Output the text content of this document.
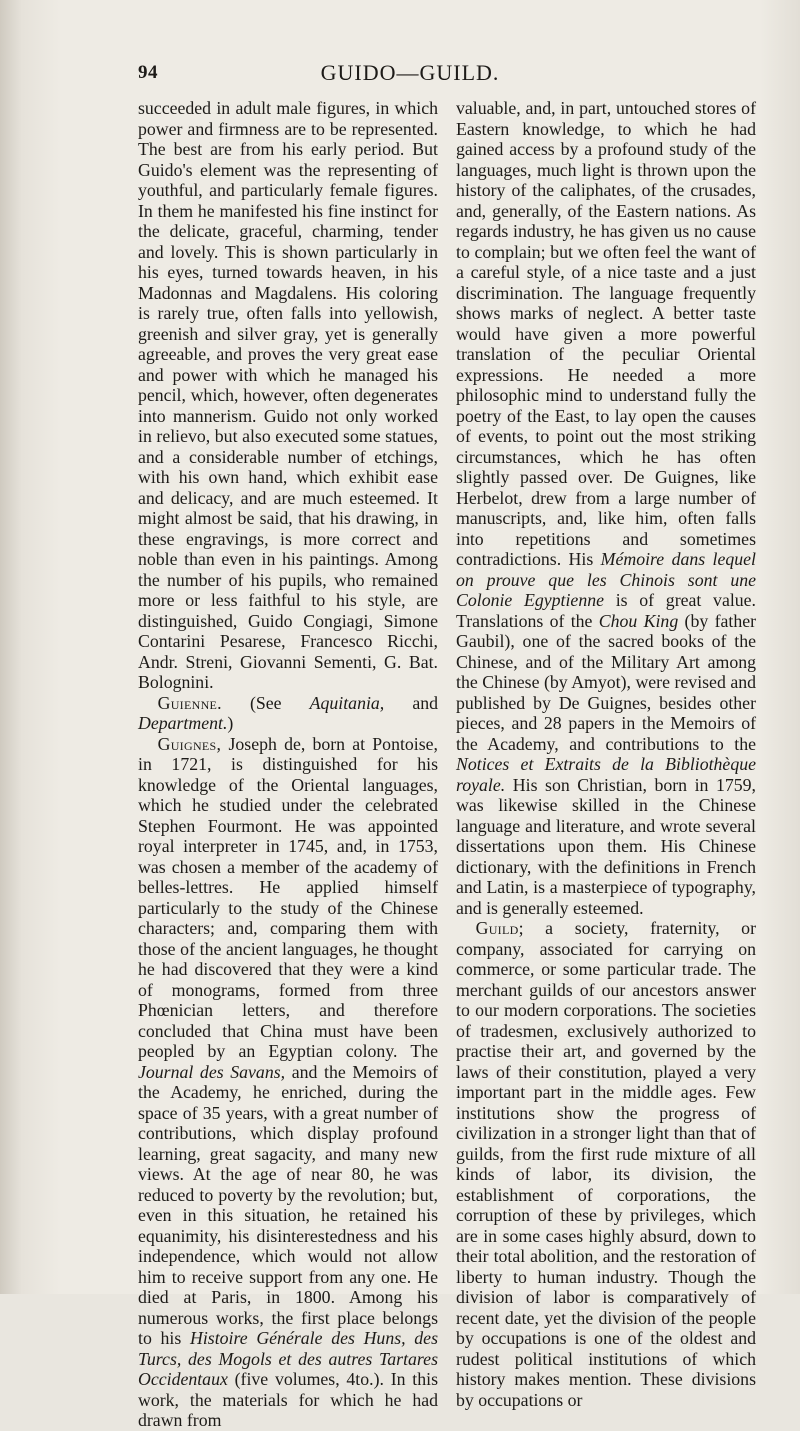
94	GUIDO—GUILD.

succeeded in adult male figures, in which power and firmness are to be represented. The best are from his early period. But Guido's element was the representing of youthful, and particularly female figures. In them he manifested his fine instinct for the delicate, graceful, charming, tender and lovely. This is shown particularly in his eyes, turned towards heaven, in his Madonnas and Magdalens. His coloring is rarely true, often falls into yellowish, greenish and silver gray, yet is generally agreeable, and proves the very great ease and power with which he managed his pencil, which, however, often degenerates into mannerism. Guido not only worked in relievo, but also executed some statues, and a considerable number of etchings, with his own hand, which exhibit ease and delicacy, and are much esteemed. It might almost be said, that his drawing, in these engravings, is more correct and noble than even in his paintings. Among the number of his pupils, who remained more or less faithful to his style, are distinguished, Guido Congiagi, Simone Contarini Pesarese, Francesco Ricchi, Andr. Streni, Giovanni Sementi, G. Bat. Bolognini.

Guienne. (See Aquitania, and Department.)

Guignes, Joseph de, born at Pontoise, in 1721, is distinguished for his knowledge of the Oriental languages, which he studied under the celebrated Stephen Fourmont. He was appointed royal interpreter in 1745, and, in 1753, was chosen a member of the academy of belles-lettres. He applied himself particularly to the study of the Chinese characters; and, comparing them with those of the ancient languages, he thought he had discovered that they were a kind of monograms, formed from three Phœnician letters, and therefore concluded that China must have been peopled by an Egyptian colony. The Journal des Savans, and the Memoirs of the Academy, he enriched, during the space of 35 years, with a great number of contributions, which display profound learning, great sagacity, and many new views. At the age of near 80, he was reduced to poverty by the revolution; but, even in this situation, he retained his equanimity, his disinterestedness and his independence, which would not allow him to receive support from any one. He died at Paris, in 1800. Among his numerous works, the first place belongs to his Histoire Générale des Huns, des Turcs, des Mogols et des autres Tartares Occidentaux (five volumes, 4to.). In this work, the materials for which he had drawn from

valuable, and, in part, untouched stores of Eastern knowledge, to which he had gained access by a profound study of the languages, much light is thrown upon the history of the caliphates, of the crusades, and, generally, of the Eastern nations. As regards industry, he has given us no cause to complain; but we often feel the want of a careful style, of a nice taste and a just discrimination. The language frequently shows marks of neglect. A better taste would have given a more powerful translation of the peculiar Oriental expressions. He needed a more philosophic mind to understand fully the poetry of the East, to lay open the causes of events, to point out the most striking circumstances, which he has often slightly passed over. De Guignes, like Herbelot, drew from a large number of manuscripts, and, like him, often falls into repetitions and sometimes contradictions. His Mémoire dans lequel on prouve que les Chinois sont une Colonie Egyptienne is of great value. Translations of the Chou King (by father Gaubil), one of the sacred books of the Chinese, and of the Military Art among the Chinese (by Amyot), were revised and published by De Guignes, besides other pieces, and 28 papers in the Memoirs of the Academy, and contributions to the Notices et Extraits de la Bibliothèque royale. His son Christian, born in 1759, was likewise skilled in the Chinese language and literature, and wrote several dissertations upon them. His Chinese dictionary, with the definitions in French and Latin, is a masterpiece of typography, and is generally esteemed.

Guild; a society, fraternity, or company, associated for carrying on commerce, or some particular trade. The merchant guilds of our ancestors answer to our modern corporations. The societies of tradesmen, exclusively authorized to practise their art, and governed by the laws of their constitution, played a very important part in the middle ages. Few institutions show the progress of civilization in a stronger light than that of guilds, from the first rude mixture of all kinds of labor, its division, the establishment of corporations, the corruption of these by privileges, which are in some cases highly absurd, down to their total abolition, and the restoration of liberty to human industry. Though the division of labor is comparatively of recent date, yet the division of the people by occupations is one of the oldest and rudest political institutions of which history makes mention. These divisions by occupations or
